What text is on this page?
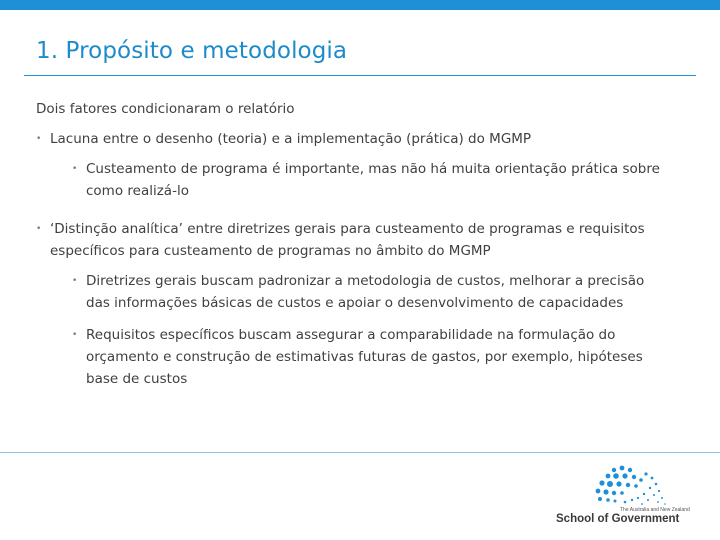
1. Propósito e metodologia

Dois fatores condicionaram o relatório

• Lacuna entre o desenho (teoria) e a implementação (prática) do MGMP

• Custeamento de programa é importante, mas não há muita orientação prática sobre como realizá-lo

• ‘Distinção analítica’ entre diretrizes gerais para custeamento de programas e requisitos específicos para custeamento de programas no âmbito do MGMP

• Diretrizes gerais buscam padronizar a metodologia de custos, melhorar a precisão das informações básicas de custos e apoiar o desenvolvimento de capacidades

• Requisitos específicos buscam assegurar a comparabilidade na formulação do orçamento e construção de estimativas futuras de gastos, por exemplo, hipóteses base de custos

The Australia and New Zealand
School of Government
